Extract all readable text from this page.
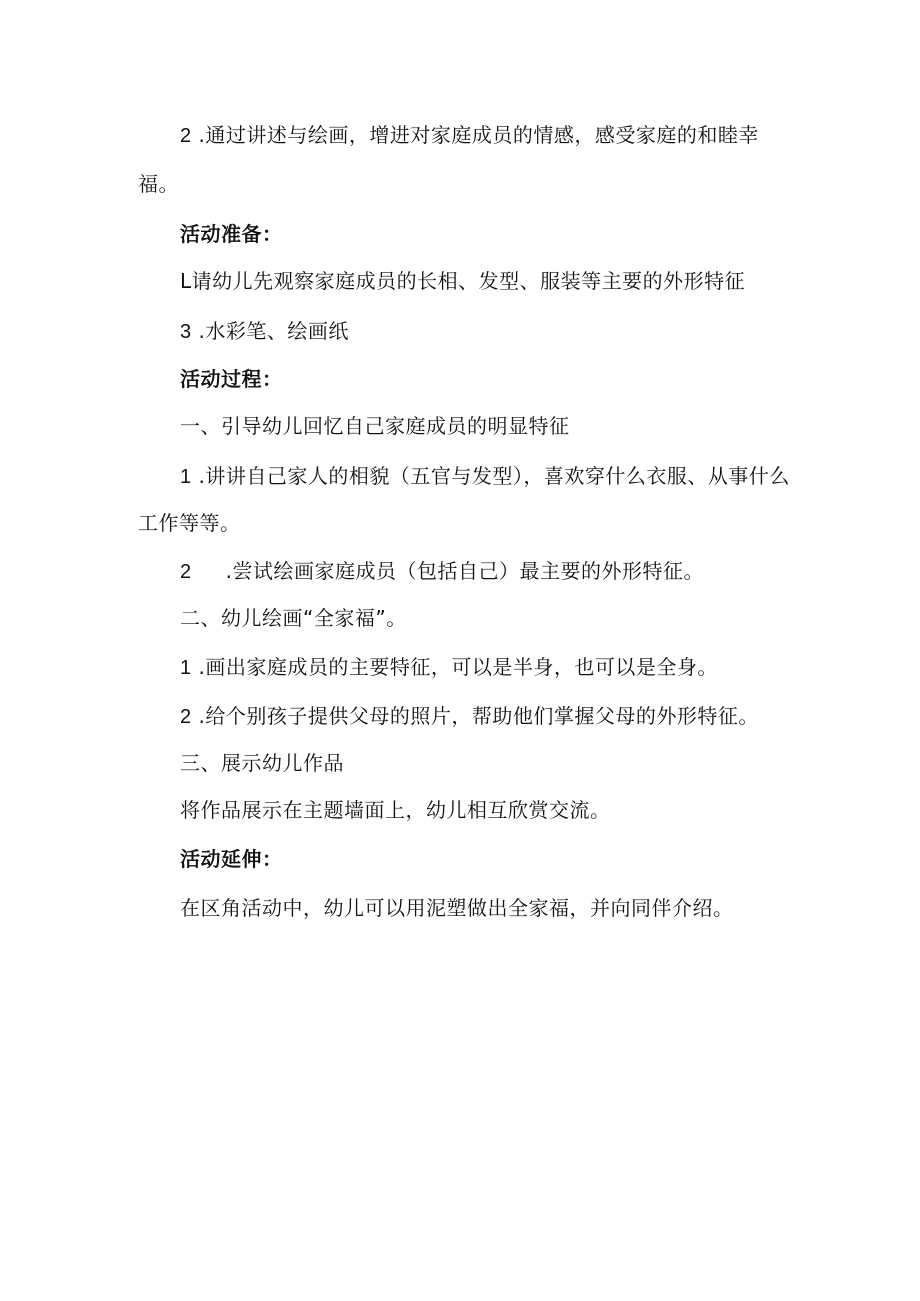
2 .通过讲述与绘画，增进对家庭成员的情感，感受家庭的和睦幸
福。
活动准备：
L请幼儿先观察家庭成员的长相、发型、服装等主要的外形特征
3 .水彩笔、绘画纸
活动过程：
一、引导幼儿回忆自己家庭成员的明显特征
1 .讲讲自己家人的相貌（五官与发型），喜欢穿什么衣服、从事什么
工作等等。
2 .尝试绘画家庭成员（包括自己）最主要的外形特征。
二、幼儿绘画“全家福”。
1 .画出家庭成员的主要特征，可以是半身，也可以是全身。
2 .给个别孩子提供父母的照片，帮助他们掌握父母的外形特征。
三、展示幼儿作品
将作品展示在主题墙面上，幼儿相互欣赏交流。
活动延伸：
在区角活动中，幼儿可以用泥塑做出全家福，并向同伴介绍。
